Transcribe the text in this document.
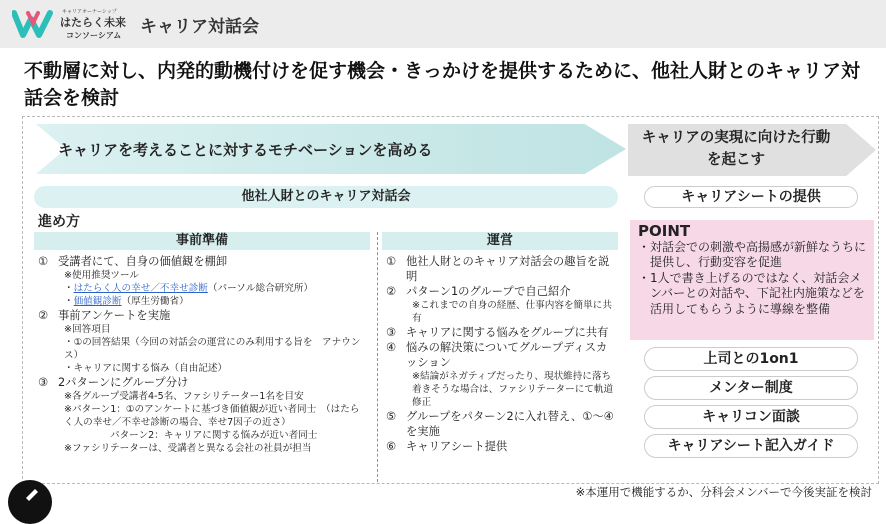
キャリアオーナーシップ
はたらく未来
コンソーシアム キャリア対話会
不動層に対し、内発的動機付けを促す機会・きっかけを提供するために、他社人財とのキャリア対話会を検討
キャリアを考えることに対するモチベーションを高める
キャリアの実現に向けた行動を起こす
他社人財とのキャリア対話会
進め方
事前準備	運営
① 受講者にて、自身の価値観を棚卸
※使用推奨ツール
・はたらく人の幸せ／不幸せ診断（パーソル総合研究所）
・価値観診断（厚生労働省）
② 事前アンケートを実施
※回答項目
・①の回答結果（今回の対話会の運営にのみ利用する旨を　アナウンス）
・キャリアに関する悩み（自由記述）
③ 2パターンにグループ分け
※各グループ受講者4-5名、ファシリテーター1名を目安
※パターン1：①のアンケートに基づき価値観が近い者同士　（はたらく人の幸せ／不幸せ診断の場合、幸せ7因子の近さ）
パターン2：キャリアに関する悩みが近い者同士
※ファシリテーターは、受講者と異なる会社の社員が担当
① 他社人財とのキャリア対話会の趣旨を説明
② パターン1のグループで自己紹介
※これまでの自身の経歴、仕事内容を簡単に共有
③ キャリアに関する悩みをグループに共有
④ 悩みの解決策についてグループディスカッション
※結論がネガティブだったり、現状維持に落ち着きそうな場合は、ファシリテーターにて軌道修正
⑤ グループをパターン2に入れ替え、①～④を実施
⑥ キャリアシート提供
キャリアシートの提供
POINT
・ 対話会での刺激や高揚感が新鮮なうちに提供し、行動変容を促進
・ 1人で書き上げるのではなく、対話会メンバーとの対話や、下記社内施策などを活用してもらうように導線を整備
上司との1on1
メンター制度
キャリコン面談
キャリアシート記入ガイド
※本運用で機能するか、分科会メンバーで今後実証を検討
